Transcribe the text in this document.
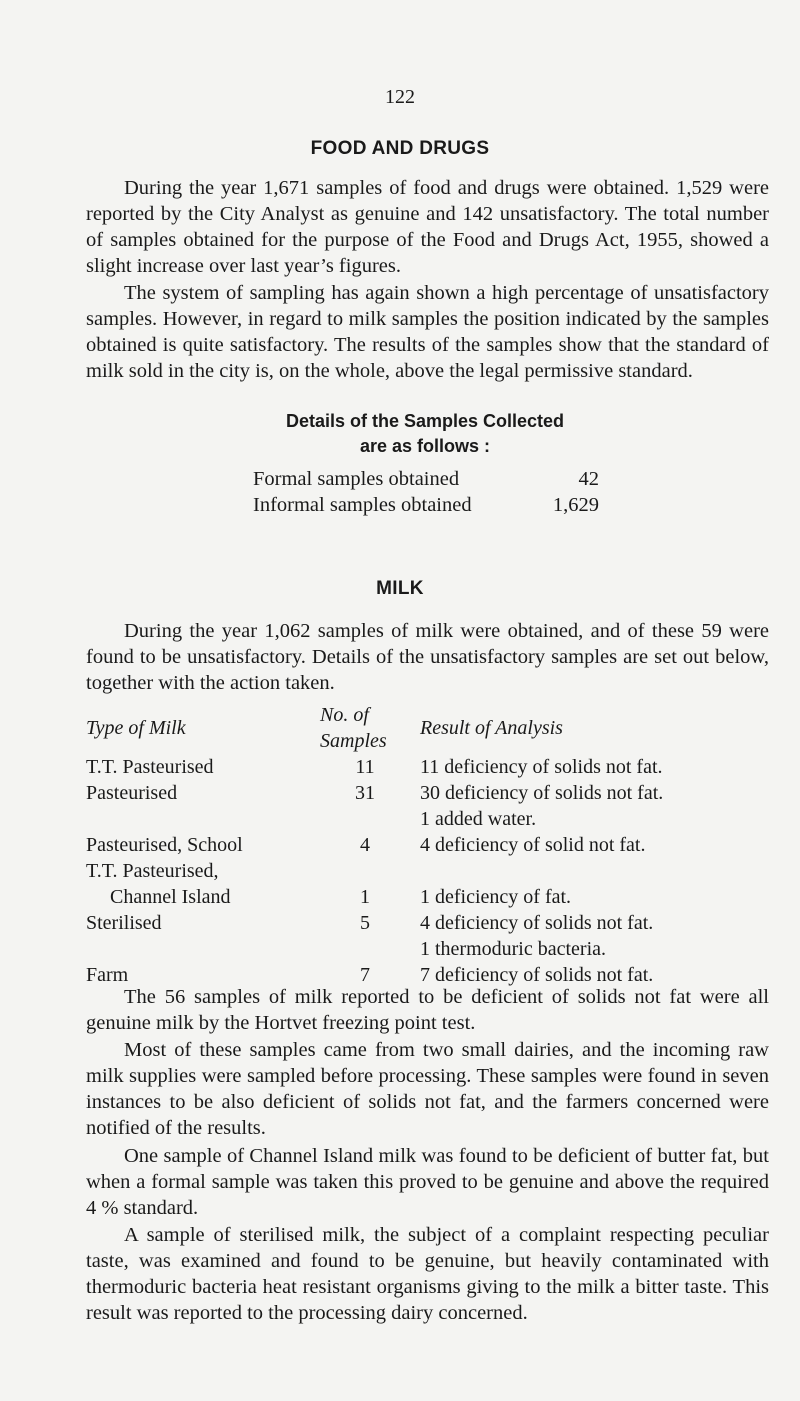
122
FOOD AND DRUGS

During the year 1,671 samples of food and drugs were obtained. 1,529 were reported by the City Analyst as genuine and 142 unsatisfactory. The total number of samples obtained for the purpose of the Food and Drugs Act, 1955, showed a slight increase over last year’s figures.

The system of sampling has again shown a high percentage of unsatisfactory samples. However, in regard to milk samples the position indicated by the samples obtained is quite satisfactory. The results of the samples show that the standard of milk sold in the city is, on the whole, above the legal permissive standard.

Details of the Samples Collected
are as follows :
Formal samples obtained	42
Informal samples obtained	1,629
MILK

During the year 1,062 samples of milk were obtained, and of these 59 were found to be unsatisfactory. Details of the unsatisfactory samples are set out below, together with the action taken.

Type of Milk	No. of Samples	Result of Analysis
T.T. Pasteurised	11	11 deficiency of solids not fat.
Pasteurised	31	30 deficiency of solids not fat.
		1 added water.
Pasteurised, School	4	4 deficiency of solid not fat.
T.T. Pasteurised,		
Channel Island	1	1 deficiency of fat.
Sterilised	5	4 deficiency of solids not fat.
		1 thermoduric bacteria.
Farm	7	7 deficiency of solids not fat.

The 56 samples of milk reported to be deficient of solids not fat were all genuine milk by the Hortvet freezing point test.

Most of these samples came from two small dairies, and the incoming raw milk supplies were sampled before processing. These samples were found in seven instances to be also deficient of solids not fat, and the farmers concerned were notified of the results.

One sample of Channel Island milk was found to be deficient of butter fat, but when a formal sample was taken this proved to be genuine and above the required 4 % standard.

A sample of sterilised milk, the subject of a complaint respecting peculiar taste, was examined and found to be genuine, but heavily contaminated with thermoduric bacteria heat resistant organisms giving to the milk a bitter taste. This result was reported to the processing dairy concerned.
